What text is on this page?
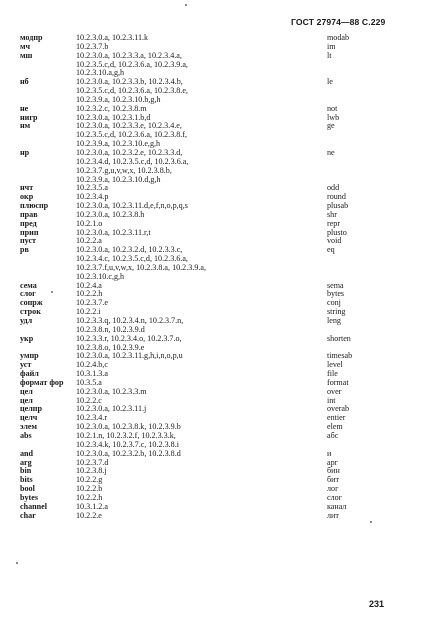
ГОСТ 27974—88 С.229
модпр	10.2.3.0.a, 10.2.3.11.k	modab
мч	10.2.3.7.b	im
мш	10.2.3.0.a, 10.2.3.3.a, 10.2.3.4.a,	lt
10.2.3.5.c,d, 10.2.3.6.a, 10.2.3.9.a,
10.2.3.10.a,g,h
нб	10.2.3.0.a, 10.2.3.3.b, 10.2.3.4.b,	le
10.2.3.5.c,d, 10.2.3.6.a, 10.2.3.8.e,
10.2.3.9.a, 10.2.3.10.b,g,h
не	10.2.3.2.c, 10.2.3.8.m	not
нигр	10.2.3.0.a, 10.2.3.1.b,d	lwb
нм	10.2.3.0.a, 10.2.3.3.e, 10.2.3.4.e,	ge
10.2.3.5.c,d, 10.2.3.6.a, 10.2.3.8.f,
10.2.3.9.a, 10.2.3.10.e,g,h
нр	10.2.3.0.a, 10.2.3.2.e, 10.2.3.3.d,	ne
10.2.3.4.d, 10.2.3.5.c,d, 10.2.3.6.a,
10.2.3.7.g,u,v,w,x, 10.2.3.8.b,
10.2.3.9.a, 10.2.3.10.d,g,h
нчт	10.2.3.5.a	odd
окр	10.2.3.4.p	round
плюспр	10.2.3.0.a, 10.2.3.11.d,e,f,n,o,p,q,s	plusab
прав	10.2.3.0.a, 10.2.3.8.h	shr
пред	10.2.1.o	repr
прип	10.2.3.0.a, 10.2.3.11.r,t	plusto
пуст	10.2.2.a	void
рв	10.2.3.0.a, 10.2.3.2.d, 10.2.3.3.c,	eq
10.2.3.4.c, 10.2.3.5.c,d, 10.2.3.6.a,
10.2.3.7.f,u,v,w,x, 10.2.3.8.a, 10.2.3.9.a,
10.2.3.10.c,g,h
сема	10.2.4.a	sema
слог	10.2.2.h	bytes
сопрж	10.2.3.7.e	conj
строк	10.2.2.i	string
удл	10.2.3.3.q, 10.2.3.4.n, 10.2.3.7.n,	leng
10.2.3.8.n, 10.2.3.9.d
укр	10.2.3.3.r, 10.2.3.4.o, 10.2.3.7.o,	shorten
10.2.3.8.o, 10.2.3.9.e
умпр	10.2.3.0.a, 10.2.3.11.g,h,i,n,o,p,u	timesab
уст	10.2.4.b,c	level
файл	10.3.1.3.a	file
формат фор 10.3.5.a	format
цел	10.2.3.0.a, 10.2.3.3.m	over
цел	10.2.2.c	int
целпр	10.2.3.0.a, 10.2.3.11.j	overab
целч	10.2.3.4.r	entier
элем	10.2.3.0.a, 10.2.3.8.k, 10.2.3.9.b	elem
abs	10.2.1.n, 10.2.3.2.f, 10.2.3.3.k,	абс
10.2.3.4.k, 10.2.3.7.c, 10.2.3.8.i
and	10.2.3.0.a, 10.2.3.2.b, 10.2.3.8.d	и
arg	10.2.3.7.d	арг
bin	10.2.3.8.j	бин
bits	10.2.2.g	бит
bool	10.2.2.b	лог
bytes	10.2.2.h	слог
channel	10.3.1.2.a	канал
char	10.2.2.e	лит
231
